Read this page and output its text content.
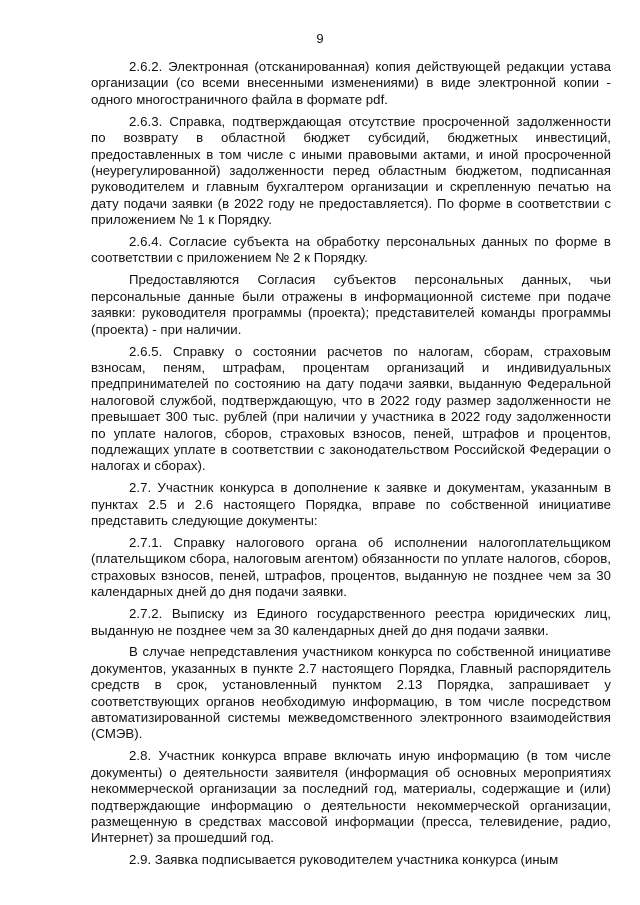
9

2.6.2. Электронная (отсканированная) копия действующей редакции устава организации (со всеми внесенными изменениями) в виде электронной копии - одного многостраничного файла в формате pdf.

2.6.3. Справка, подтверждающая отсутствие просроченной задолженности по возврату в областной бюджет субсидий, бюджетных инвестиций, предоставленных в том числе с иными правовыми актами, и иной просроченной (неурегулированной) задолженности перед областным бюджетом, подписанная руководителем и главным бухгалтером организации и скрепленную печатью на дату подачи заявки (в 2022 году не предоставляется). По форме в соответствии с приложением № 1 к Порядку.

2.6.4. Согласие субъекта на обработку персональных данных по форме в соответствии с приложением № 2 к Порядку.

Предоставляются Согласия субъектов персональных данных, чьи персональные данные были отражены в информационной системе при подаче заявки: руководителя программы (проекта); представителей команды программы (проекта) - при наличии.

2.6.5. Справку о состоянии расчетов по налогам, сборам, страховым взносам, пеням, штрафам, процентам организаций и индивидуальных предпринимателей по состоянию на дату подачи заявки, выданную Федеральной налоговой службой, подтверждающую, что в 2022 году размер задолженности не превышает 300 тыс. рублей (при наличии у участника в 2022 году задолженности по уплате налогов, сборов, страховых взносов, пеней, штрафов и процентов, подлежащих уплате в соответствии с законодательством Российской Федерации о налогах и сборах).

2.7. Участник конкурса в дополнение к заявке и документам, указанным в пунктах 2.5 и 2.6 настоящего Порядка, вправе по собственной инициативе представить следующие документы:

2.7.1. Справку налогового органа об исполнении налогоплательщиком (плательщиком сбора, налоговым агентом) обязанности по уплате налогов, сборов, страховых взносов, пеней, штрафов, процентов, выданную не позднее чем за 30 календарных дней до дня подачи заявки.

2.7.2. Выписку из Единого государственного реестра юридических лиц, выданную не позднее чем за 30 календарных дней до дня подачи заявки.

В случае непредставления участником конкурса по собственной инициативе документов, указанных в пункте 2.7 настоящего Порядка, Главный распорядитель средств в срок, установленный пунктом 2.13 Порядка, запрашивает у соответствующих органов необходимую информацию, в том числе посредством автоматизированной системы межведомственного электронного взаимодействия (СМЭВ).

2.8. Участник конкурса вправе включать иную информацию (в том числе документы) о деятельности заявителя (информация об основных мероприятиях некоммерческой организации за последний год, материалы, содержащие и (или) подтверждающие информацию о деятельности некоммерческой организации, размещенную в средствах массовой информации (пресса, телевидение, радио, Интернет) за прошедший год.

2.9. Заявка подписывается руководителем участника конкурса (иным
